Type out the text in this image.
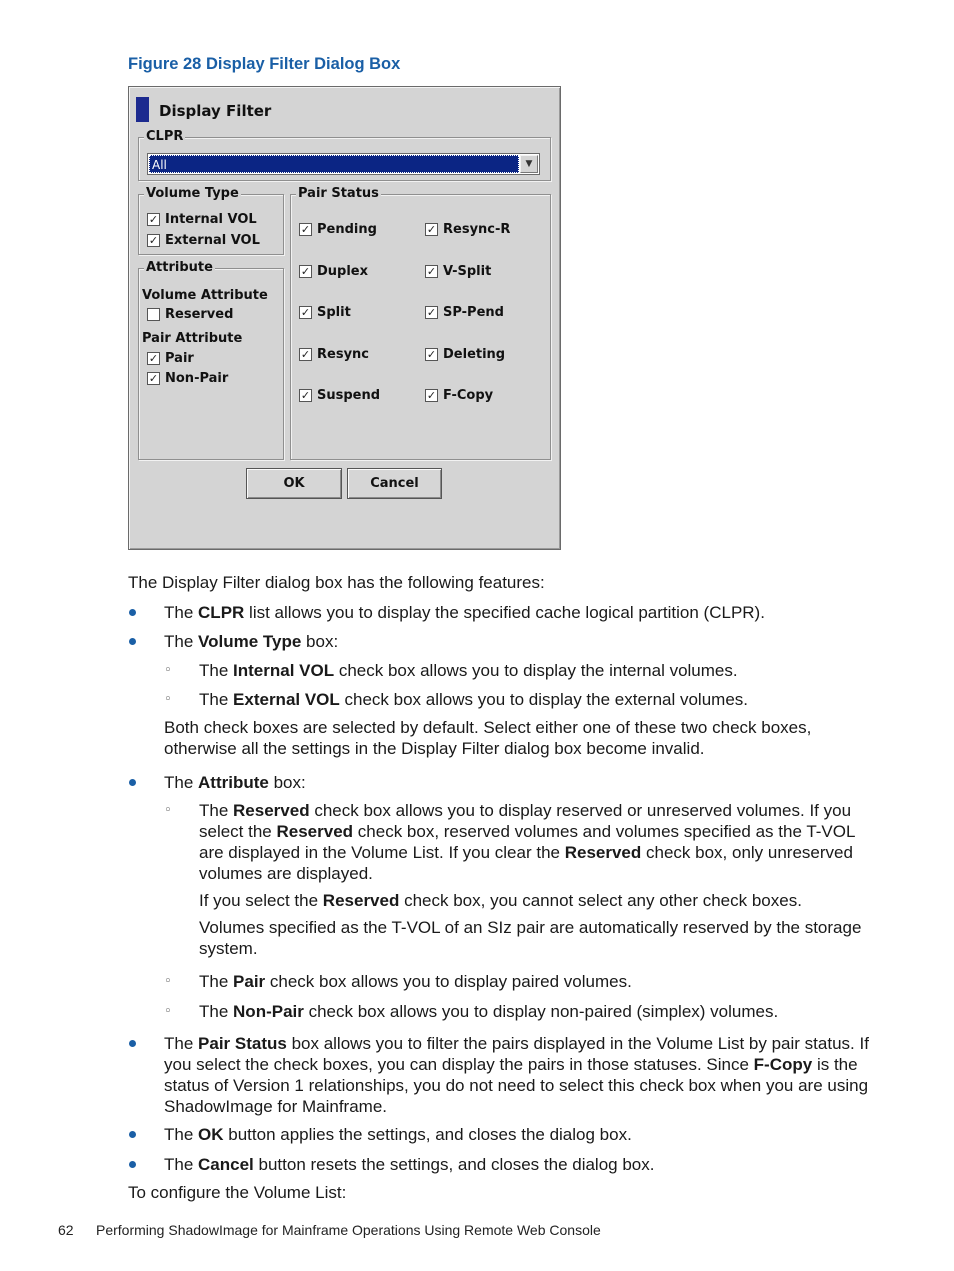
Figure 28 Display Filter Dialog Box
Display Filter
CLPR
All	▼
Volume Type
✓ Internal VOL
✓ External VOL
Attribute
Volume Attribute
Reserved
Pair Attribute
✓ Pair
✓ Non-Pair
Pair Status
✓ Pending	✓ Resync-R
✓ Duplex	✓ V-Split
✓ Split	✓ SP-Pend
✓ Resync	✓ Deleting
✓ Suspend	✓ F-Copy
OK	Cancel
The Display Filter dialog box has the following features:
The CLPR list allows you to display the specified cache logical partition (CLPR).
The Volume Type box:
◦ The Internal VOL check box allows you to display the internal volumes.
◦ The External VOL check box allows you to display the external volumes.
Both check boxes are selected by default. Select either one of these two check boxes, otherwise all the settings in the Display Filter dialog box become invalid.
The Attribute box:
◦ The Reserved check box allows you to display reserved or unreserved volumes. If you select the Reserved check box, reserved volumes and volumes specified as the T-VOL are displayed in the Volume List. If you clear the Reserved check box, only unreserved volumes are displayed.
If you select the Reserved check box, you cannot select any other check boxes.
Volumes specified as the T-VOL of an SIz pair are automatically reserved by the storage system.
◦ The Pair check box allows you to display paired volumes.
◦ The Non-Pair check box allows you to display non-paired (simplex) volumes.
The Pair Status box allows you to filter the pairs displayed in the Volume List by pair status. If you select the check boxes, you can display the pairs in those statuses. Since F-Copy is the status of Version 1 relationships, you do not need to select this check box when you are using ShadowImage for Mainframe.
The OK button applies the settings, and closes the dialog box.
The Cancel button resets the settings, and closes the dialog box.
To configure the Volume List:
62 Performing ShadowImage for Mainframe Operations Using Remote Web Console
